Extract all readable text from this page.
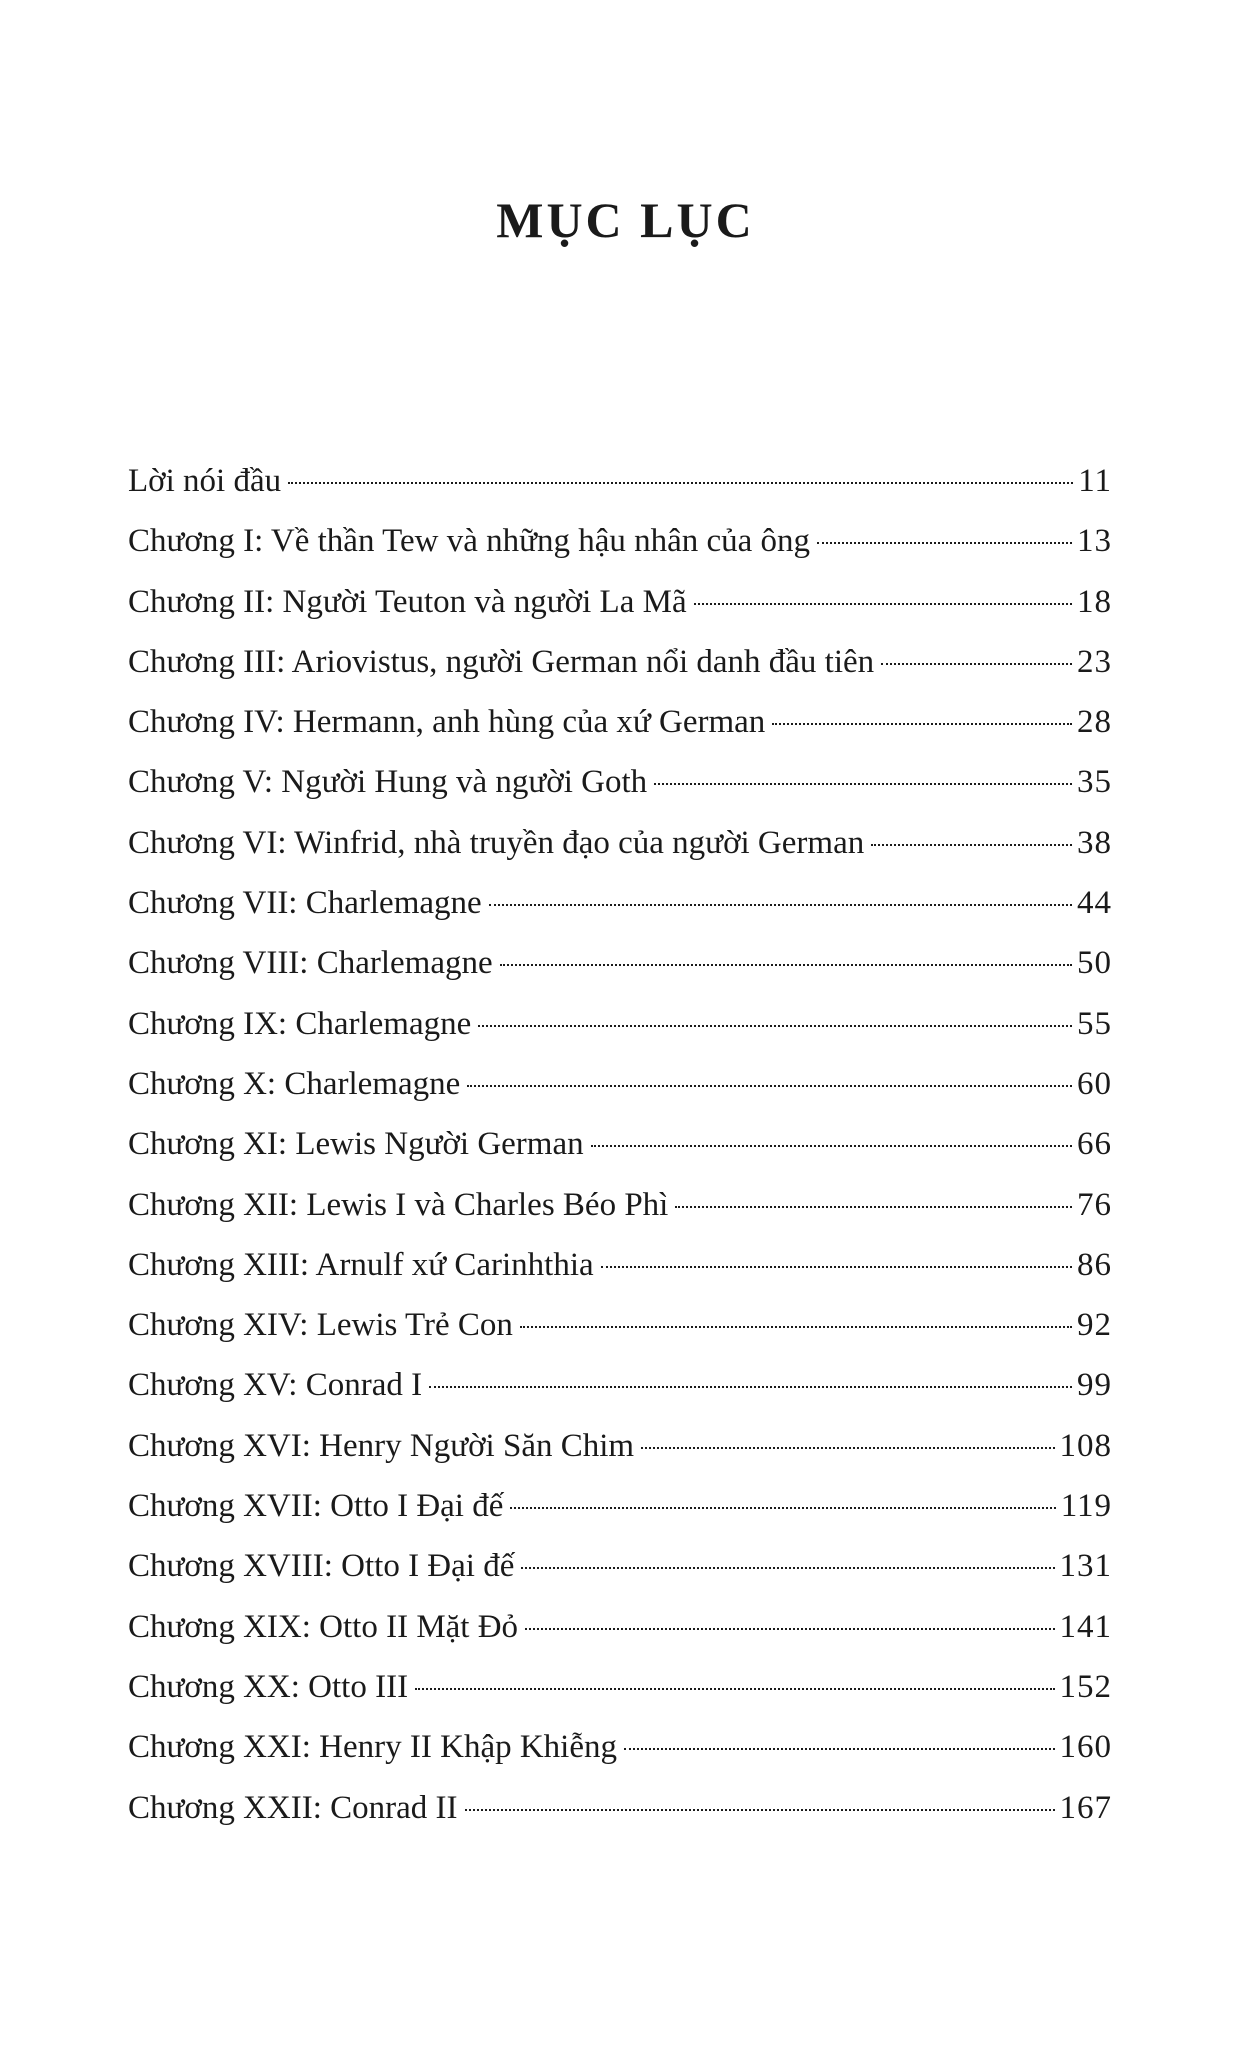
MỤC LỤC
Lời nói đầu	11
Chương I: Về thần Tew và những hậu nhân của ông	13
Chương II: Người Teuton và người La Mã	18
Chương III: Ariovistus, người German nổi danh đầu tiên	23
Chương IV: Hermann, anh hùng của xứ German	28
Chương V: Người Hung và người Goth	35
Chương VI: Winfrid, nhà truyền đạo của người German	38
Chương VII: Charlemagne	44
Chương VIII: Charlemagne	50
Chương IX: Charlemagne	55
Chương X: Charlemagne	60
Chương XI: Lewis Người German	66
Chương XII: Lewis I và Charles Béo Phì	76
Chương XIII: Arnulf xứ Carinhthia	86
Chương XIV: Lewis Trẻ Con	92
Chương XV: Conrad I	99
Chương XVI: Henry Người Săn Chim	108
Chương XVII: Otto I Đại đế	119
Chương XVIII: Otto I Đại đế	131
Chương XIX: Otto II Mặt Đỏ	141
Chương XX: Otto III	152
Chương XXI: Henry II Khập Khiễng	160
Chương XXII: Conrad II	167
